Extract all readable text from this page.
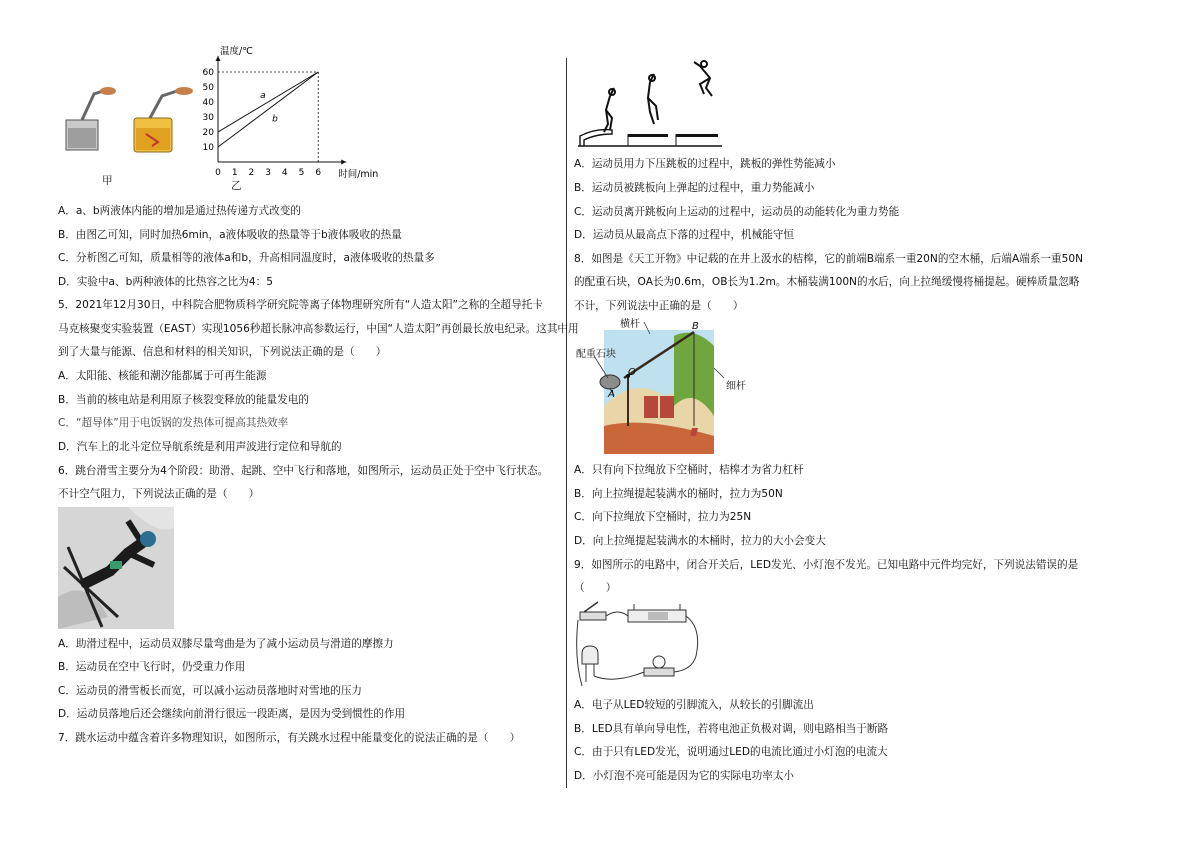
甲
0 1 2 3 4 5 6
10
20
30
40
50
60
温度/℃
时间/min
a
b
乙
A．a、b两液体内能的增加是通过热传递方式改变的
B．由图乙可知，同时加热6min，a液体吸收的热量等于b液体吸收的热量
C．分析图乙可知，质量相等的液体a和b，升高相同温度时，a液体吸收的热量多
D．实验中a、b两种液体的比热容之比为4：5
5．2021年12月30日，中科院合肥物质科学研究院等离子体物理研究所有“人造太阳”之称的全超导托卡
马克核聚变实验装置（EAST）实现1056秒超长脉冲高参数运行，中国“人造太阳”再创最长放电纪录。这其中用
到了大量与能源、信息和材料的相关知识，下列说法正确的是（　　）
A．太阳能、核能和潮汐能都属于可再生能源
B．当前的核电站是利用原子核裂变释放的能量发电的
C．“超导体”用于电饭锅的发热体可提高其热效率
D．汽车上的北斗定位导航系统是利用声波进行定位和导航的
6．跳台滑雪主要分为4个阶段：助滑、起跳、空中飞行和落地，如图所示，运动员正处于空中飞行状态。
不计空气阻力，下列说法正确的是（　　）
A．助滑过程中，运动员双膝尽量弯曲是为了减小运动员与滑道的摩擦力
B．运动员在空中飞行时，仍受重力作用
C．运动员的滑雪板长而宽，可以减小运动员落地时对雪地的压力
D．运动员落地后还会继续向前滑行很远一段距离，是因为受到惯性的作用
7．跳水运动中蕴含着许多物理知识，如图所示，有关跳水过程中能量变化的说法正确的是（　　）
A．运动员用力下压跳板的过程中，跳板的弹性势能减小
B．运动员被跳板向上弹起的过程中，重力势能减小
C．运动员离开跳板向上运动的过程中，运动员的动能转化为重力势能
D．运动员从最高点下落的过程中，机械能守恒
8．如图是《天工开物》中记载的在井上汲水的桔槔，它的前端B端系一重20N的空木桶，后端A端系一重50N
的配重石块，OA长为0.6m，OB长为1.2m。木桶装满100N的水后，向上拉绳缓慢将桶提起。硬棒质量忽略
不计，下列说法中正确的是（　　）
横杆	B
配重石块
O
细杆
A
A．只有向下拉绳放下空桶时，桔槔才为省力杠杆
B．向上拉绳提起装满水的桶时，拉力为50N
C．向下拉绳放下空桶时，拉力为25N
D．向上拉绳提起装满水的木桶时，拉力的大小会变大
9．如图所示的电路中，闭合开关后，LED发光、小灯泡不发光。已知电路中元件均完好，下列说法错误的是
（　　）
A．电子从LED较短的引脚流入，从较长的引脚流出
B．LED具有单向导电性，若将电池正负极对调，则电路相当于断路
C．由于只有LED发光，说明通过LED的电流比通过小灯泡的电流大
D．小灯泡不亮可能是因为它的实际电功率太小
